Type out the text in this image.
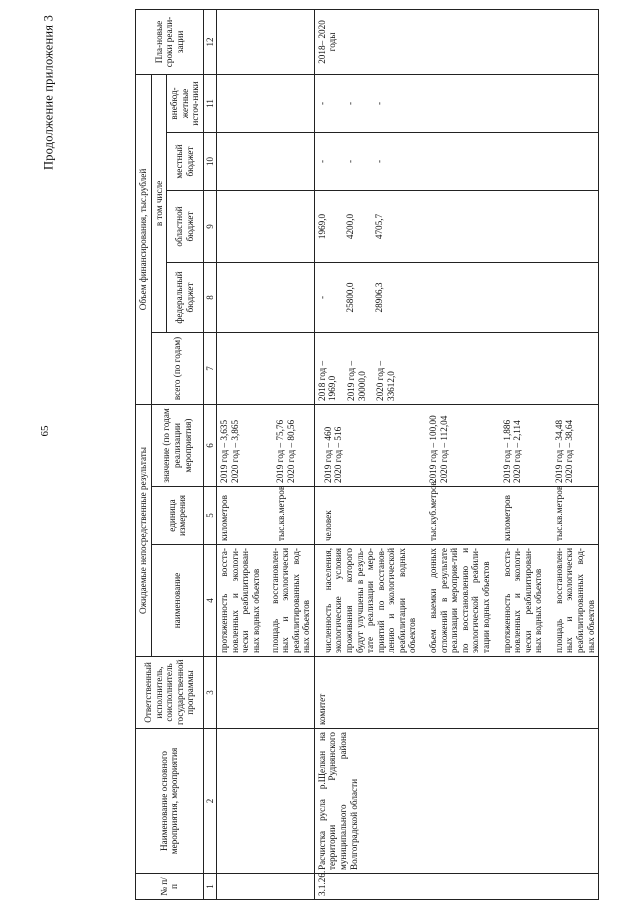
65
Продолжение приложения 3
№ п/п	Наименование основного мероприятия, мероприятия	Ответственный исполнитель, соисполнитель государственной программы	Ожидаемые непосредственные результаты			Объем финансирования, тыс.рублей					Пла-новые сроки реали-зации
			наименование	единица измерения	значение (по годам реализации мероприятия)	всего (по годам)	в том числе				
							федеральный бюджет	областной бюджет	местный бюджет	внебюд-жетные источ-ники	
1	2	3	4	5	6	7	8	9	10	11	12

			протяженность восста-новленных и экологи-чески реабилитирован-ных водных объектов площадь восстановлен-ных и экологически реабилитированных вод-ных объектов	километров тыс.кв.метров	2019 год – 3,635 2020 год – 3,865 2019 год – 75,76 2020 год – 80,56						

3.1.26.	Расчистка русла р.Щелкан на территории Руднянского муниципального района Волгоградской области	комитет	численность населения, экологические условия проживания которого будут улучшены в резуль-тате реализации меро-приятий по восстанов-лению и экологической реабилитации водных объектов	человек	2019 год – 460 2020 год – 516	2018 год – 1969,0 2019 год – 30000,0 2020 год – 33612,0	- 25800,0 28906,3	1969,0 4200,0 4705,7	- - -	- - -	2018– 2020 годы
			объем выемки донных отложений в результате реализации мероприя-тий по восстановлению и экологической реабили-тации водных объектов	тыс.куб.метров	2019 год – 100,00 2020 год – 112,04						

			протяженность восста-новленных и экологи-чески реабилитирован-ных водных объектов	километров	2019 год – 1,886 2020 год – 2,114						

			площадь восстановлен-ных и экологически реабилитированных вод-ных объектов	тыс.кв.метров	2019 год – 34,48 2020 год – 38,64						
